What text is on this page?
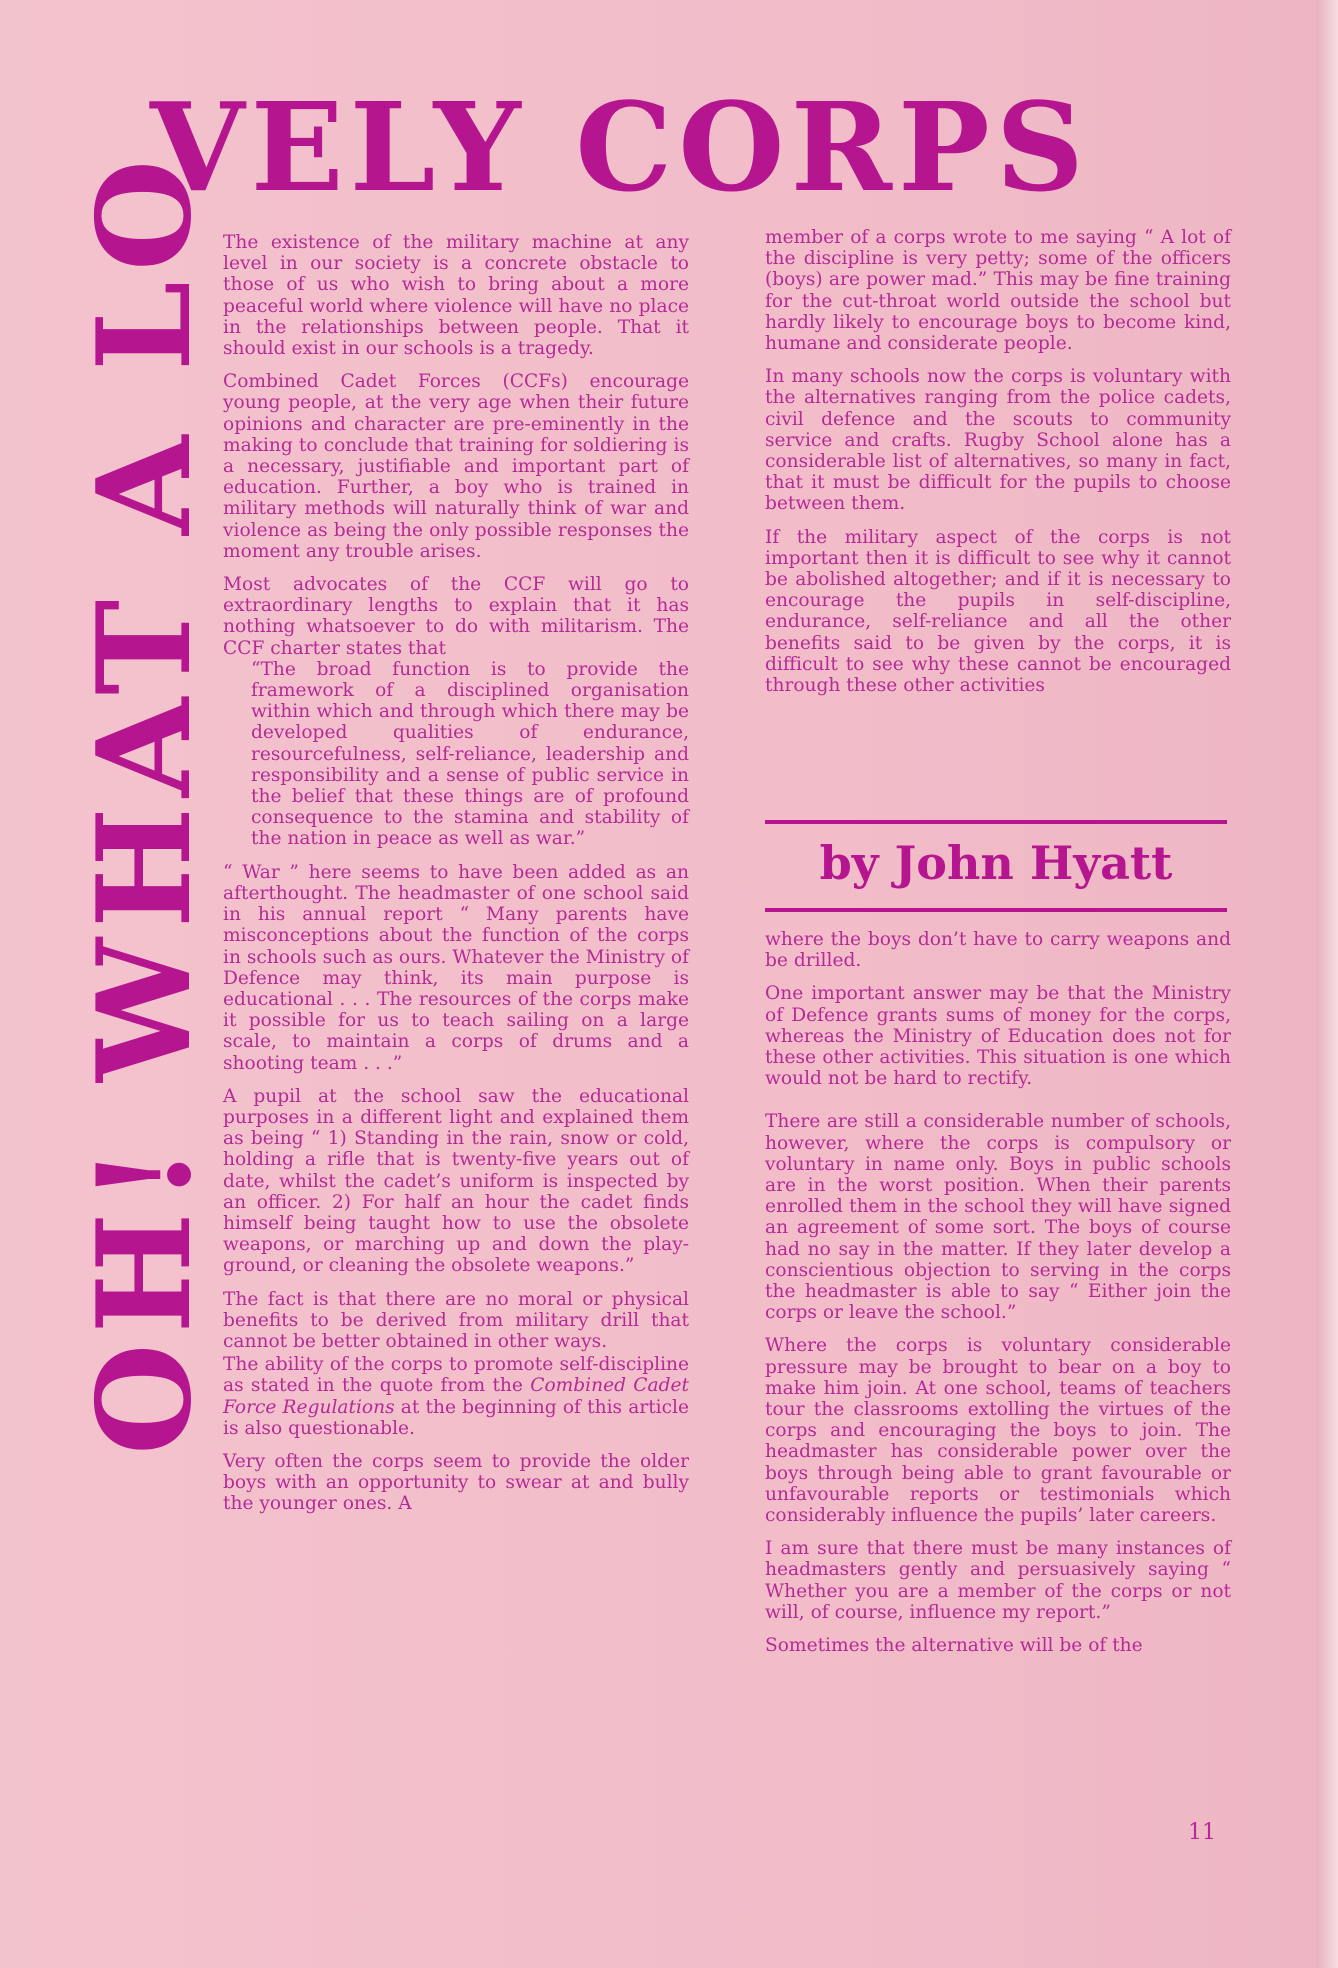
VELY CORPS
OH! WHAT A LO The existence of the military machine at any level in our society is a concrete obstacle to those of us who wish to bring about a more peaceful world where violence will have no place in the relationships between people. That it should exist in our schools is a tragedy.

Combined Cadet Forces (CCFs) encourage young people, at the very age when their future opinions and character are pre-eminently in the making to conclude that training for soldiering is a necessary, justifiable and important part of education. Further, a boy who is trained in military methods will naturally think of war and violence as being the only possible responses the moment any trouble arises.

Most advocates of the CCF will go to extraordinary lengths to explain that it has nothing whatsoever to do with militarism. The CCF charter states that

“The broad function is to provide the framework of a disciplined organisation within which and through which there may be developed qualities of endurance, resourcefulness, self-reliance, leadership and responsibility and a sense of public service in the belief that these things are of profound consequence to the stamina and stability of the nation in peace as well as war.”

“ War ” here seems to have been added as an afterthought. The headmaster of one school said in his annual report “ Many parents have misconceptions about the function of the corps in schools such as ours. Whatever the Ministry of Defence may think, its main purpose is educational . . . The resources of the corps make it possible for us to teach sailing on a large scale, to maintain a corps of drums and a shooting team . . .”

A pupil at the school saw the educational purposes in a different light and explained them as being “ 1) Standing in the rain, snow or cold, holding a rifle that is twenty-five years out of date, whilst the cadet’s uniform is inspected by an officer. 2) For half an hour the cadet finds himself being taught how to use the obsolete weapons, or marching up and down the play-ground, or cleaning the obsolete weapons.”

The fact is that there are no moral or physical benefits to be derived from military drill that cannot be better obtained in other ways.

The ability of the corps to promote self-discipline as stated in the quote from the Combined Cadet Force Regulations at the beginning of this article is also questionable.

Very often the corps seem to provide the older boys with an opportunity to swear at and bully the younger ones. A

member of a corps wrote to me saying “ A lot of the discipline is very petty; some of the officers (boys) are power mad.” This may be fine training for the cut-throat world outside the school but hardly likely to encourage boys to become kind, humane and considerate people.

In many schools now the corps is voluntary with the alternatives ranging from the police cadets, civil defence and the scouts to community service and crafts. Rugby School alone has a considerable list of alternatives, so many in fact, that it must be difficult for the pupils to choose between them.

If the military aspect of the corps is not important then it is difficult to see why it cannot be abolished altogether; and if it is necessary to encourage the pupils in self-discipline, endurance, self-reliance and all the other benefits said to be given by the corps, it is difficult to see why these cannot be encouraged through these other activities

by John Hyatt

where the boys don’t have to carry weapons and be drilled.

One important answer may be that the Ministry of Defence grants sums of money for the corps, whereas the Ministry of Education does not for these other activities. This situation is one which would not be hard to rectify.

There are still a considerable number of schools, however, where the corps is compulsory or voluntary in name only. Boys in public schools are in the worst position. When their parents enrolled them in the school they will have signed an agreement of some sort. The boys of course had no say in the matter. If they later develop a conscientious objection to serving in the corps the headmaster is able to say “ Either join the corps or leave the school.”

Where the corps is voluntary considerable pressure may be brought to bear on a boy to make him join. At one school, teams of teachers tour the classrooms extolling the virtues of the corps and encouraging the boys to join. The headmaster has considerable power over the boys through being able to grant favourable or unfavourable reports or testimonials which considerably influence the pupils’ later careers.

I am sure that there must be many instances of headmasters gently and persuasively saying “ Whether you are a member of the corps or not will, of course, influence my report.”

Sometimes the alternative will be of the

11
